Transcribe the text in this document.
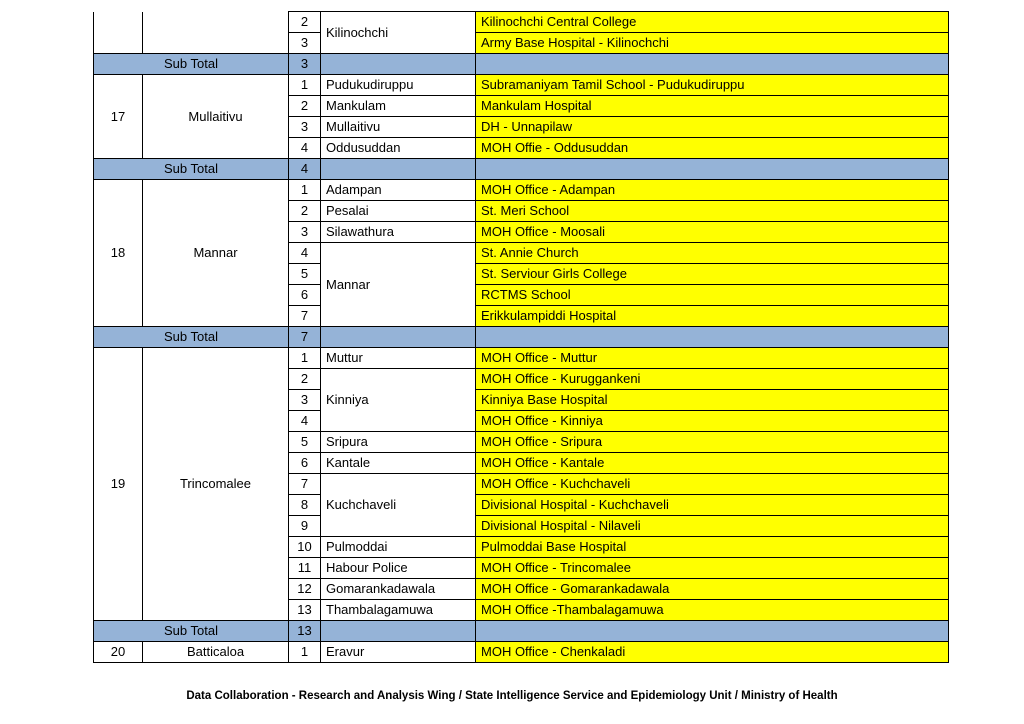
		2	Kilinochchi	Kilinochchi Central College
		3		Army Base Hospital - Kilinochchi
Sub Total		3		
17	Mullaitivu	1	Pudukudiruppu	Subramaniyam Tamil School - Pudukudiruppu
		2	Mankulam	Mankulam Hospital
		3	Mullaitivu	DH - Unnapilaw
		4	Oddusuddan	MOH Offie - Oddusuddan
Sub Total		4		
18	Mannar	1	Adampan	MOH Office - Adampan
		2	Pesalai	St. Meri School
		3	Silawathura	MOH Office - Moosali
		4	Mannar	St. Annie Church
		5		St. Serviour Girls College
		6		RCTMS School
		7		Erikkulampiddi Hospital
Sub Total		7		
19	Trincomalee	1	Muttur	MOH Office - Muttur
		2	Kinniya	MOH Office - Kuruggankeni
		3		Kinniya Base Hospital
		4		MOH Office - Kinniya
		5	Sripura	MOH Office - Sripura
		6	Kantale	MOH Office - Kantale
		7	Kuchchaveli	MOH Office - Kuchchaveli
		8		Divisional Hospital - Kuchchaveli
		9		Divisional Hospital - Nilaveli
		10	Pulmoddai	Pulmoddai Base Hospital
		11	Habour Police	MOH Office - Trincomalee
		12	Gomarankadawala	MOH Office - Gomarankadawala
		13	Thambalagamuwa	MOH Office -Thambalagamuwa
Sub Total		13		
20	Batticaloa	1	Eravur	MOH Office - Chenkaladi
Data Collaboration - Research and Analysis Wing / State Intelligence Service and Epidemiology Unit / Ministry of Health
